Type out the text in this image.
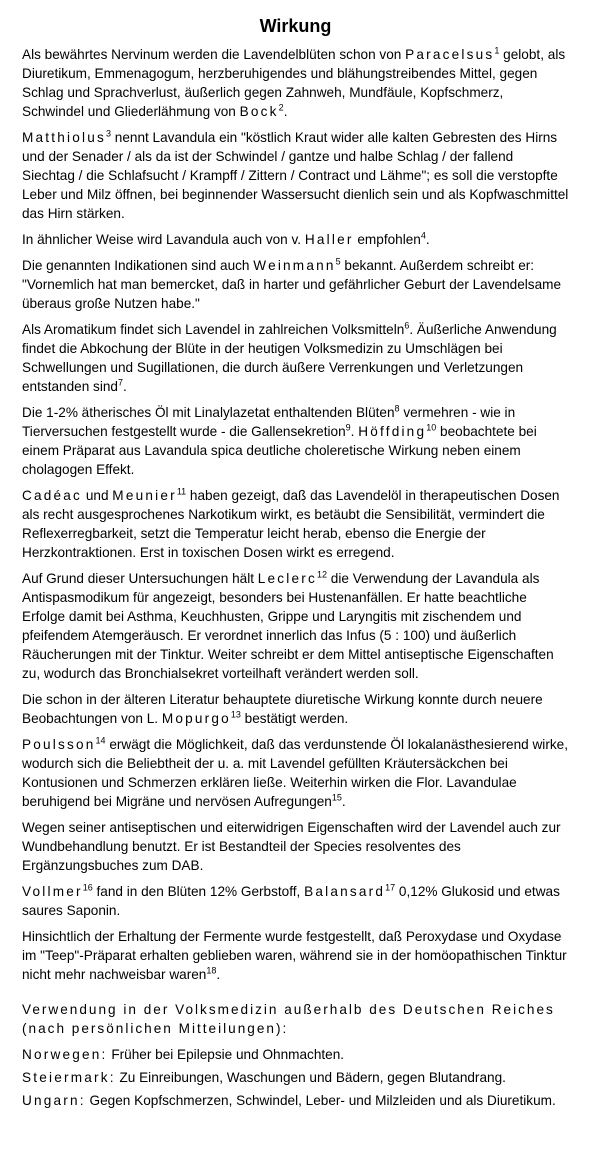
Wirkung

Als bewährtes Nervinum werden die Lavendelblüten schon von Paracelsus$^1$ gelobt, als Diuretikum, Emmenagogum, herzberuhigendes und blähungstreibendes Mittel, gegen Schlag und Sprachverlust, äußerlich gegen Zahnweh, Mundfäule, Kopfschmerz, Schwindel und Gliederlähmung von Bock$^2$.

Matthiolus$^3$ nennt Lavandula ein "köstlich Kraut wider alle kalten Gebresten des Hirns und der Senader / als da ist der Schwindel / gantze und halbe Schlag / der fallend Siechtag / die Schlafsucht / Krampff / Zittern / Contract und Lähme"; es soll die verstopfte Leber und Milz öffnen, bei beginnender Wassersucht dienlich sein und als Kopfwaschmittel das Hirn stärken.

In ähnlicher Weise wird Lavandula auch von v. Haller empfohlen$^4$.

Die genannten Indikationen sind auch Weinmann$^5$ bekannt. Außerdem schreibt er: "Vornemlich hat man bemercket, daß in harter und gefährlicher Geburt der Lavendelsame überaus große Nutzen habe."

Als Aromatikum findet sich Lavendel in zahlreichen Volksmitteln$^6$. Äußerliche Anwendung findet die Abkochung der Blüte in der heutigen Volksmedizin zu Umschlägen bei Schwellungen und Sugillationen, die durch äußere Verrenkungen und Verletzungen entstanden sind$^7$.

Die 1-2% ätherisches Öl mit Linalylazetat enthaltenden Blüten$^8$ vermehren - wie in Tierversuchen festgestellt wurde - die Gallensekretion$^9$. Höffding$^{10}$ beobachtete bei einem Präparat aus Lavandula spica deutliche choleretische Wirkung neben einem cholagogen Effekt.

Cadéac und Meunier$^{11}$ haben gezeigt, daß das Lavendelöl in therapeutischen Dosen als recht ausgesprochenes Narkotikum wirkt, es betäubt die Sensibilität, vermindert die Reflexerregbarkeit, setzt die Temperatur leicht herab, ebenso die Energie der Herzkontraktionen. Erst in toxischen Dosen wirkt es erregend.

Auf Grund dieser Untersuchungen hält Leclerc$^{12}$ die Verwendung der Lavandula als Antispasmodikum für angezeigt, besonders bei Hustenanfällen. Er hatte beachtliche Erfolge damit bei Asthma, Keuchhusten, Grippe und Laryngitis mit zischendem und pfeifendem Atemgeräusch. Er verordnet innerlich das Infus (5 : 100) und äußerlich Räucherungen mit der Tinktur. Weiter schreibt er dem Mittel antiseptische Eigenschaften zu, wodurch das Bronchialsekret vorteilhaft verändert werden soll.

Die schon in der älteren Literatur behauptete diuretische Wirkung konnte durch neuere Beobachtungen von L. Mopurgo$^{13}$ bestätigt werden.

Poulsson$^{14}$ erwägt die Möglichkeit, daß das verdunstende Öl lokalanästhesierend wirke, wodurch sich die Beliebtheit der u. a. mit Lavendel gefüllten Kräutersäckchen bei Kontusionen und Schmerzen erklären ließe. Weiterhin wirken die Flor. Lavandulae beruhigend bei Migräne und nervösen Aufregungen$^{15}$.

Wegen seiner antiseptischen und eiterwidrigen Eigenschaften wird der Lavendel auch zur Wundbehandlung benutzt. Er ist Bestandteil der Species resolventes des Ergänzungsbuches zum DAB.

Vollmer$^{16}$ fand in den Blüten 12% Gerbstoff, Balansard$^{17}$ 0,12% Glukosid und etwas saures Saponin.

Hinsichtlich der Erhaltung der Fermente wurde festgestellt, daß Peroxydase und Oxydase im "Teep"-Präparat erhalten geblieben waren, während sie in der homöopathischen Tinktur nicht mehr nachweisbar waren$^{18}$.

Verwendung in der Volksmedizin außerhalb des Deutschen Reiches (nach persönlichen Mitteilungen):

Norwegen: Früher bei Epilepsie und Ohnmachten.

Steiermark: Zu Einreibungen, Waschungen und Bädern, gegen Blutandrang.

Ungarn: Gegen Kopfschmerzen, Schwindel, Leber- und Milzleiden und als Diuretikum.
